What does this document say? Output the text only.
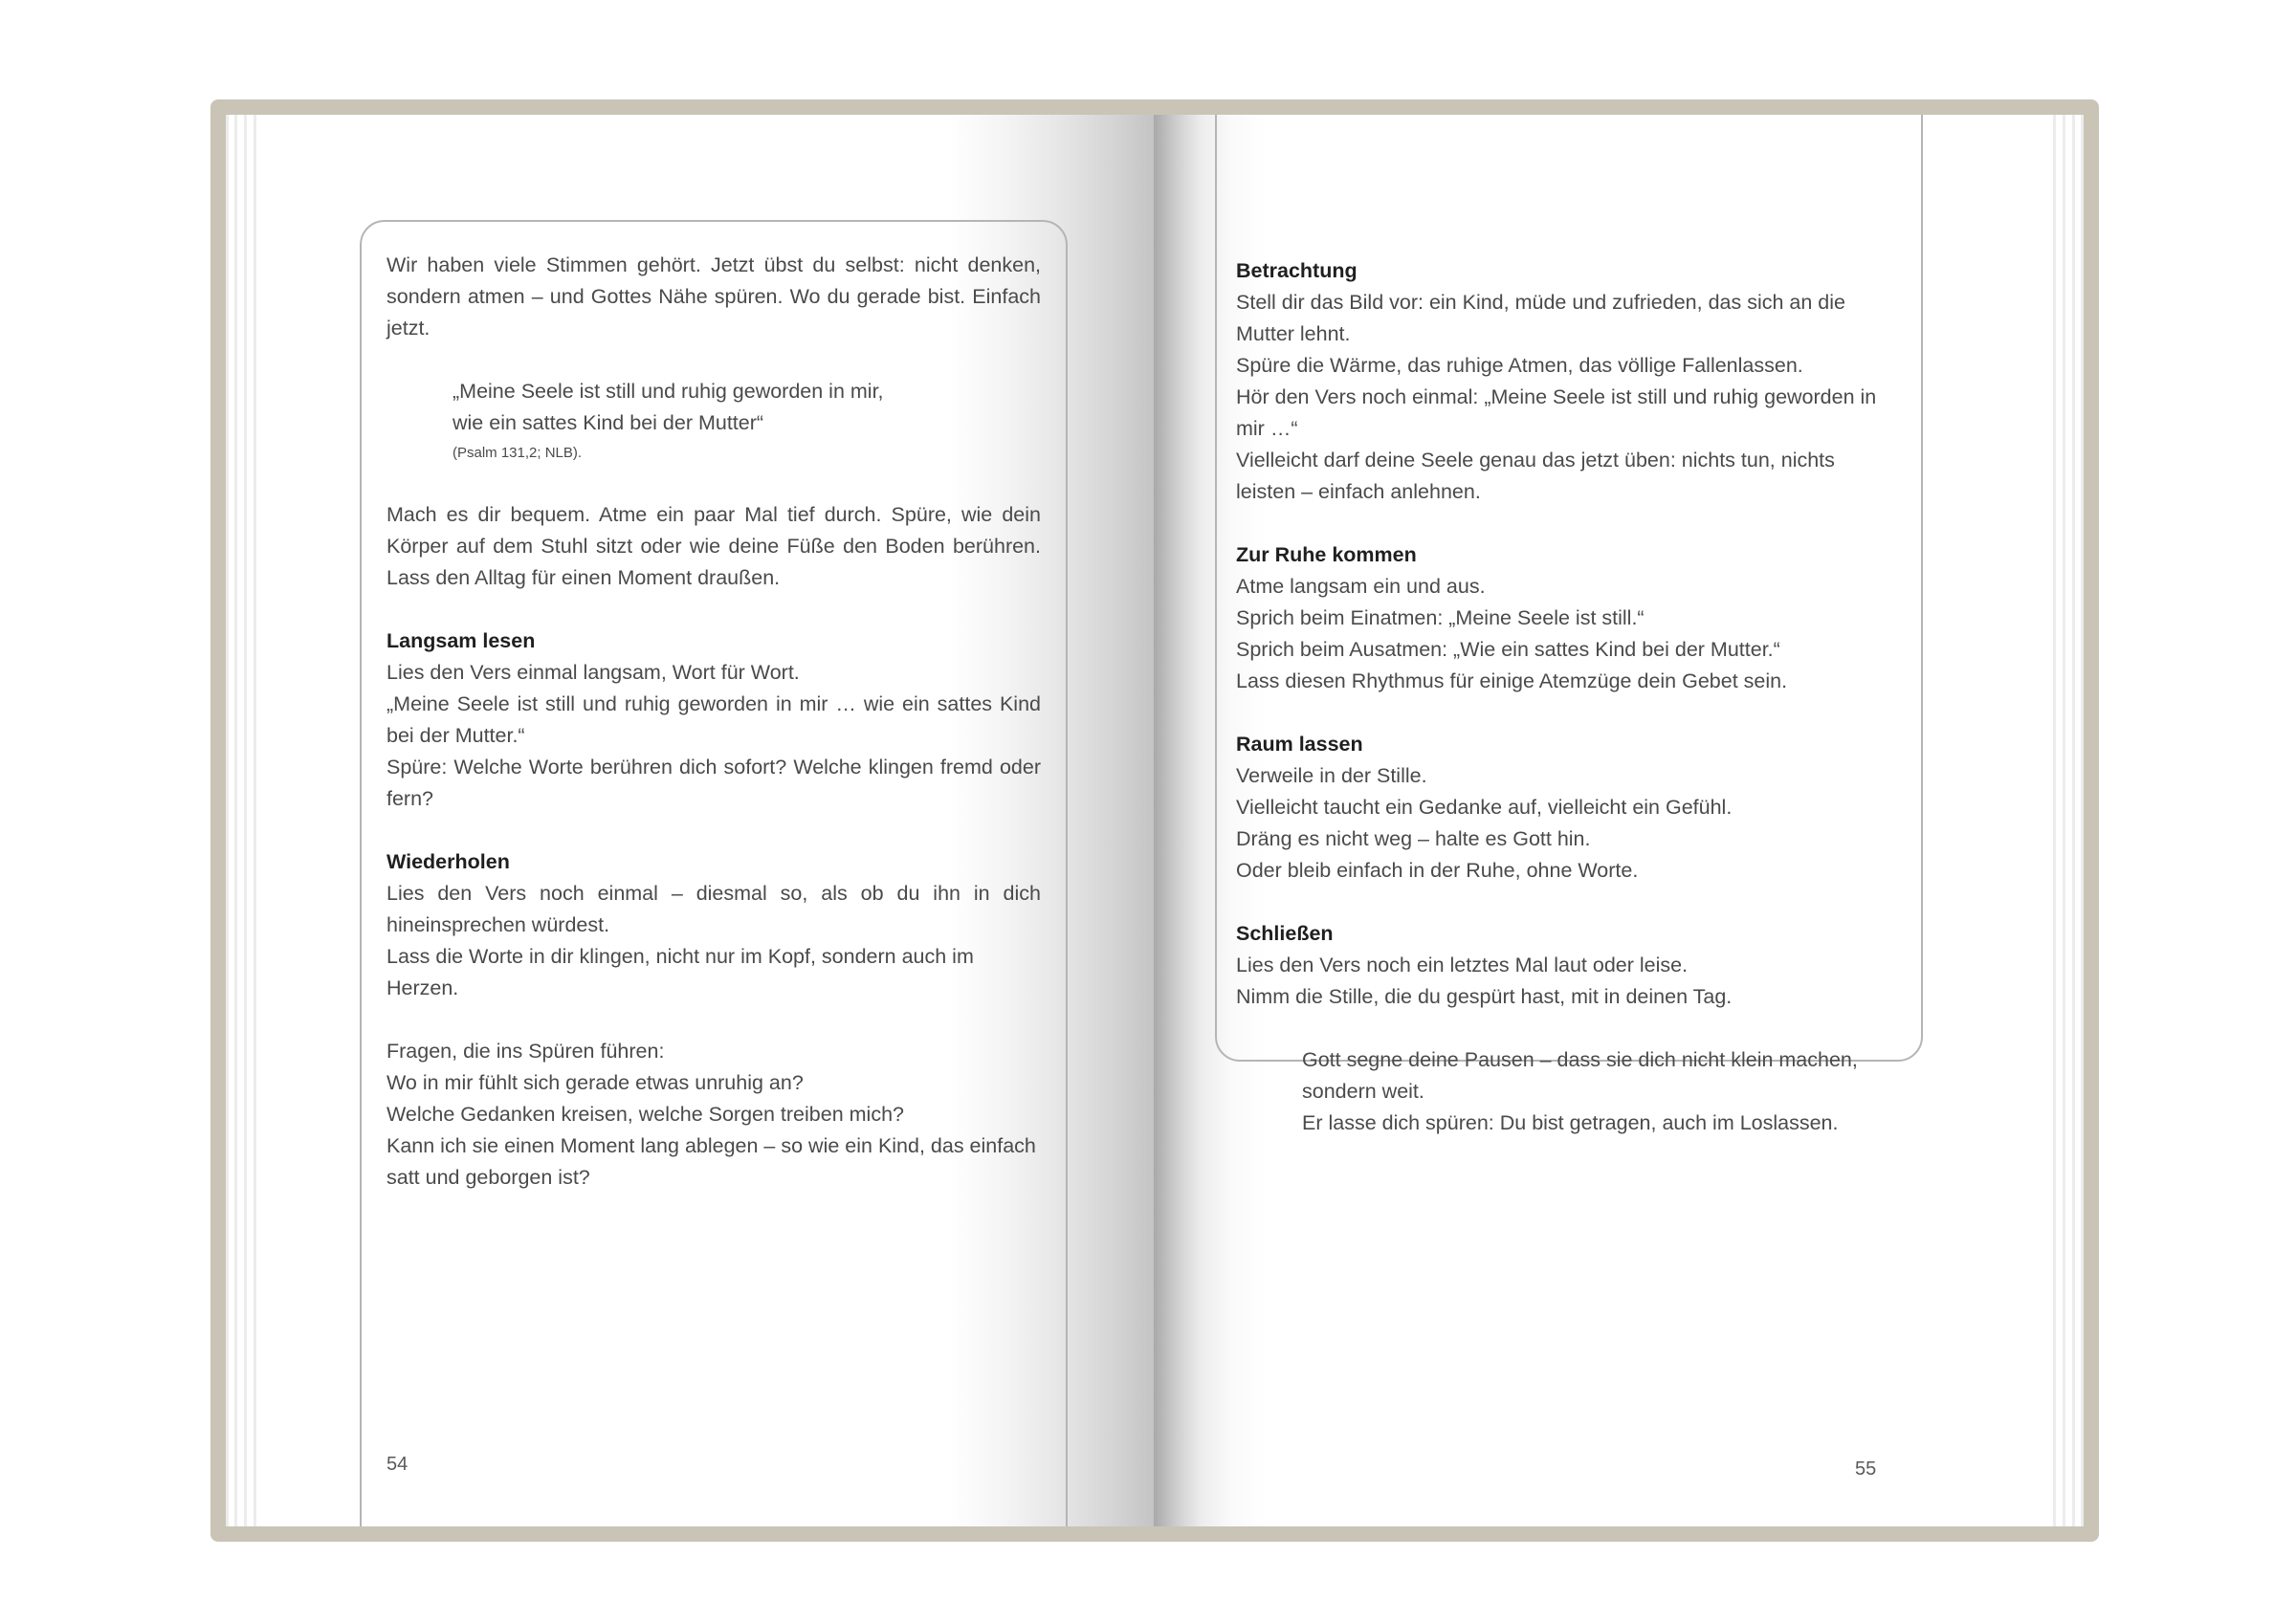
Wir haben viele Stimmen gehört. Jetzt übst du selbst: nicht denken, sondern atmen – und Gottes Nähe spüren. Wo du gerade bist. Einfach jetzt.

„Meine Seele ist still und ruhig geworden in mir,

wie ein sattes Kind bei der Mutter“

(Psalm 131,2; NLB).

Mach es dir bequem. Atme ein paar Mal tief durch. Spüre, wie dein Körper auf dem Stuhl sitzt oder wie deine Füße den Boden berühren. Lass den Alltag für einen Moment draußen.

Langsam lesen

Lies den Vers einmal langsam, Wort für Wort.

„Meine Seele ist still und ruhig geworden in mir … wie ein sattes Kind bei der Mutter.“

Spüre: Welche Worte berühren dich sofort? Welche klingen fremd oder fern?

Wiederholen

Lies den Vers noch einmal – diesmal so, als ob du ihn in dich hineinsprechen würdest.

Lass die Worte in dir klingen, nicht nur im Kopf, sondern auch im Herzen.

Fragen, die ins Spüren führen:

Wo in mir fühlt sich gerade etwas unruhig an?

Welche Gedanken kreisen, welche Sorgen treiben mich?

Kann ich sie einen Moment lang ablegen – so wie ein Kind, das einfach satt und geborgen ist?

54

Betrachtung

Stell dir das Bild vor: ein Kind, müde und zufrieden, das sich an die Mutter lehnt.

Spüre die Wärme, das ruhige Atmen, das völlige Fallenlassen.

Hör den Vers noch einmal: „Meine Seele ist still und ruhig geworden in mir …“

Vielleicht darf deine Seele genau das jetzt üben: nichts tun, nichts leisten – einfach anlehnen.

Zur Ruhe kommen

Atme langsam ein und aus.

Sprich beim Einatmen: „Meine Seele ist still.“

Sprich beim Ausatmen: „Wie ein sattes Kind bei der Mutter.“

Lass diesen Rhythmus für einige Atemzüge dein Gebet sein.

Raum lassen

Verweile in der Stille.

Vielleicht taucht ein Gedanke auf, vielleicht ein Gefühl.

Dräng es nicht weg – halte es Gott hin.

Oder bleib einfach in der Ruhe, ohne Worte.

Schließen

Lies den Vers noch ein letztes Mal laut oder leise.

Nimm die Stille, die du gespürt hast, mit in deinen Tag.

Gott segne deine Pausen – dass sie dich nicht klein machen,

sondern weit.

Er lasse dich spüren: Du bist getragen, auch im Loslassen.

55
